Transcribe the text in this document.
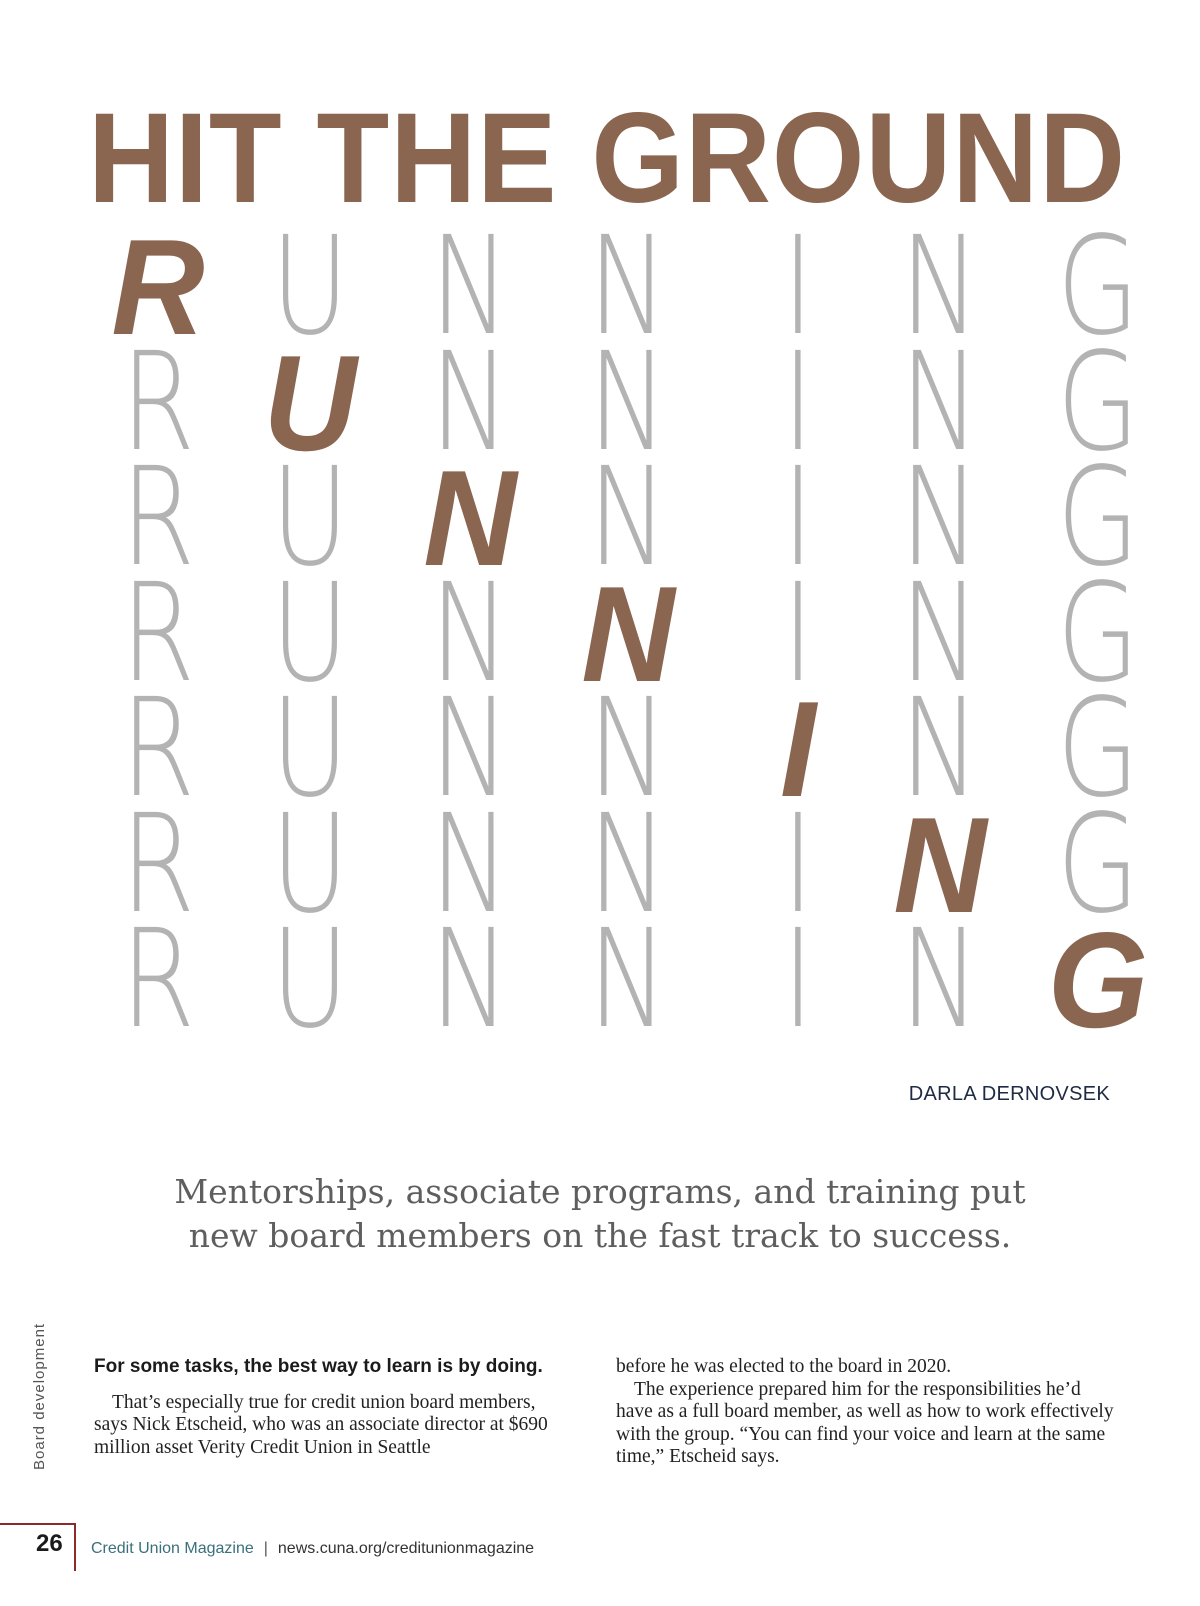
HIT THE GROUND
R U N N I N G
R U N N I N G
R U N N I N G
R U N N I N G
R U N N I N G
R U N N I N G
R U N N I N G
DARLA DERNOVSEK
Mentorships, associate programs, and training put
new board members on the fast track to success.
Board development For some tasks, the best way to learn is by doing.

That’s especially true for credit union board members, says Nick Etscheid, who was an associate director at $690 million asset Verity Credit Union in Seattle

before he was elected to the board in 2020.

The experience prepared him for the responsibilities he’d have as a full board member, as well as how to work effectively with the group. “You can find your voice and learn at the same time,” Etscheid says.

26 Credit Union Magazine | news.cuna.org/creditunionmagazine
